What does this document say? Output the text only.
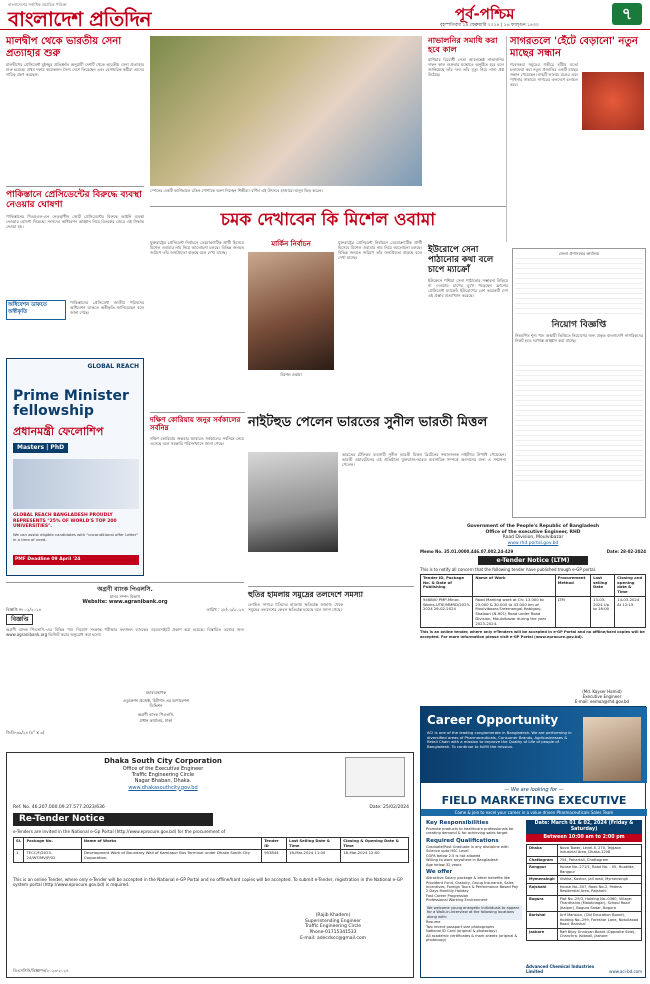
বাংলাদেশের সর্বাধিক প্রচারিত পত্রিকা
বাংলাদেশ প্রতিদিন	পূর্ব-পশ্চিম	৭
বৃহস্পতিবার ২৯ ফেব্রুয়ারি ২০২৪ | ১৬ ফাল্গুন ১৪৩০
মালদ্বীপ থেকে ভারতীয় সেনা প্রত্যাহার শুরু
মালদ্বীপের প্রেসিডেন্ট মুইজ্জুর প্রতিশ্রুতি অনুযায়ী দেশটি থেকে ভারতীয় সেনা প্রত্যাহার শুরু হয়েছে। প্রথম দফায় কয়েকজন সৈন্য দেশে ফিরেছেন এবং বেসামরিক কর্মীরা তাদের দায়িত্ব গ্রহণ করছেন।
পাকিস্তানে প্রেসিডেন্টের বিরুদ্ধে ব্যবস্থা নেওয়ার ঘোষণা
পাকিস্তানের পিএমএল-এন নেতৃত্বাধীন জোট প্রেসিডেন্টের বিরুদ্ধে আইনি ব্যবস্থা নেওয়ার ঘোষণা দিয়েছে। সংসদের অধিবেশন আহ্বান নিয়ে বিতর্কের জেরে এই সিদ্ধান্ত নেওয়া হয়।
অধিবেশন ডাকতে অস্বীকৃতি
পাকিস্তানের প্রেসিডেন্ট জাতীয় পরিষদের অধিবেশন ডাকতে অস্বীকৃতি জানিয়েছেন বলে জানা গেছে।
GLOBAL REACH
Prime Minister fellowship
প্রধানমন্ত্রী ফেলোশিপ
Masters | PhD
GLOBAL REACH BANGLADESH PROUDLY REPRESENTS "25% OF WORLD'S TOP 200 UNIVERSITIES".
We can assist eligible candidates with "unconditional offer Letter" in a time of need.
PMF Deadline 09 April '24
স্পেনের একটি কার্নিভালে রঙিন পোশাকে অংশ নিচ্ছেন শিল্পীরা। বর্ণিল এই উৎসবে হাজারো মানুষ ভিড় করেন।
নাভালনির সমাধি করা হবে কাল
রাশিয়ার বিরোধী নেতা আলেক্সেই নাভালনির দাফন কাল শুক্রবার মস্কোতে অনুষ্ঠিত হবে বলে জানিয়েছে তাঁর দল। তাঁর মৃত্যু নিয়ে নানা প্রশ্ন উঠেছে।
সাগরতলে 'হেঁটে বেড়ানো' নতুন মাছের সন্ধান
গবেষকরা সমুদ্রের গভীরে হাঁটার মতো চলাফেরা করা নতুন প্রজাতির একটি মাছের সন্ধান পেয়েছেন। মাছটি লালচে রঙের এবং পাখনার সাহায্যে সাগরের তলদেশে চলাচল করে।
চমক দেখাবেন কি মিশেল ওবামা
মার্কিন নির্বাচন
যুক্তরাষ্ট্রের প্রেসিডেন্ট নির্বাচনে ডেমোক্র্যাটিক প্রার্থী হিসেবে মিশেল ওবামার নাম নিয়ে আলোচনা চলছে। বিভিন্ন জনমত জরিপে তাঁর জনপ্রিয়তা বাড়ছে বলে দেখা যাচ্ছে।
মিশেল ওবামা
যুক্তরাষ্ট্রের প্রেসিডেন্ট নির্বাচনে ডেমোক্র্যাটিক প্রার্থী হিসেবে মিশেল ওবামার নাম নিয়ে আলোচনা চলছে। বিভিন্ন জনমত জরিপে তাঁর জনপ্রিয়তা বাড়ছে বলে দেখা যাচ্ছে।
ইউরোপে সেনা পাঠানোর কথা বলে চাপে ম্যাক্রোঁ
ইউক্রেনে পশ্চিমা সেনা পাঠানোর সম্ভাবনা উড়িয়ে না দেওয়ায় চাপের মুখে পড়েছেন ফ্রান্সের প্রেসিডেন্ট ম্যাক্রোঁ। ইউরোপের বেশ কয়েকটি দেশ এই প্রস্তাব প্রত্যাখ্যান করেছে।
দক্ষিণ কোরিয়ায় জনুর সর্বকালের সর্বনিম্ন
দক্ষিণ কোরিয়ায় জন্মহার আবারও সর্বকালের সর্বনিম্নে নেমে এসেছে বলে সরকারি পরিসংখ্যানে জানা গেছে।
নাইটহুড পেলেন ভারতের সুনীল ভারতী মিত্তল
ভারতের টেলিকম ব্যবসায়ী সুনীল ভারতী মিত্তল ব্রিটেনের সম্মানজনক নাইটহুড উপাধি পেয়েছেন। ভারতী এয়ারটেলের এই প্রতিষ্ঠাতা যুক্তরাজ্য-ভারত ব্যবসায়িক সম্পর্কে অবদানের জন্য এ সম্মাননা পেলেন।
হুতির হামলায় সমুদ্রের তলদেশে সমস্যা
লোহিত সাগরে হুতিদের হামলায় ক্ষতিগ্রস্ত জাহাজ থেকে সমুদ্রের তলদেশের কেবল ক্ষতিগ্রস্ত হয়েছে বলে জানা গেছে।
অগ্রণী ব্যাংক পিএলসি.
মানব সম্পদ বিভাগ
Website: www.agranibank.org
বিজ্ঞপ্তি নং ০২/২০২৪	তারিখ : ২৮/০২/২০২৪
বিজ্ঞপ্তি
অগ্রণী ব্যাংক পিএলসি.-এর বিভিন্ন পদে নিয়োগ সংক্রান্ত পরীক্ষার ফলাফল ব্যাংকের ওয়েবসাইটে প্রকাশ করা হয়েছে। বিস্তারিত তথ্যের জন্য www.agranibank.org ভিজিট করার অনুরোধ করা হলো।
মহাব্যবস্থাপক
এডুকেশন প্রজেক্ট, চিটাগাং এর অপারেশন্স ডিভিশন
অগ্রণী ব্যাংক পিএলসি.
প্রধান কার্যালয়, ঢাকা
জিডি-৩৯/২৪ (৮" x ৩)
জেলা প্রশাসকের কার্যালয়
নিয়োগ বিজ্ঞপ্তি
নিম্নবর্ণিত শূন্য পদে অস্থায়ী ভিত্তিতে নিয়োগের জন্য প্রকৃত বাংলাদেশি নাগরিকদের নিকট হতে দরখাস্ত আহ্বান করা যাচ্ছে।
Government of the People's Republic of Bangladesh
Office of the executive Engineer, RHD
Road Division, Moulvibazar
www.rhd.portal.gov.bd
Memo No. 35.01.0000.446.07.002.24-429	Date: 28-02-2024
e-Tender Notice (LTM)
This is to notify all concern that the following tender have published trough e-GP portal.
Tender ID, Package No. & Date of Publishing	Name of Work	Procurement Method	Last selling Date	Closing and opening date & Time
946800 PMP-Minor-Works-UTIE/MMRD/2023-2024 26-02-2024	Road Marking work at Ch: 13.000 to 23.000 & 30.000 to 43.000 km of Moulvibazar-Sreemangal-Habiganj-Shaibari (N-901) Road under Road Division, Moulvibazar during the year 2023-2024.	LTM	13-03-2024 Up to 16:00	14-03-2024 At 12:15
This is an online tender, where only e-Tenders will be accepted in e-GP Portal and no offline/hard copies will be accepted. For more information please visit e-GP Portal (www.eprocure.gov.bd).
(Md. Kayser Hamid)
Executive Engineer
E-mail: eemoa@rhd.gov.bd
Career Opportunity
ACI is one of the leading conglomerate in Bangladesh. We are performing in diversified areas of Pharmaceuticals, Consumer Brands, Agribusinesses & Retail Chain with a mission to improve the Quality of Life of people of Bangladesh. To continue to fulfill the mission.
— We are looking for —
FIELD MARKETING EXECUTIVE
Come & join to excel your career in a value driven Pharmaceuticals Sales Team
Key Responsibilities
Promote products to healthcare professionals for creating demand & for achieving sales target
Required Qualifications
Graduate/Post Graduate in any discipline with Science upto HSC Level
CGPA below 2.5 is not allowed
Willing to work anywhere in Bangladesh
Age below 32 years
We offer
Attractive Salary package & other benefits like Provident Fund, Gratuity, Group Insurance, Sales Incentives, Foreign Tours & Performance Based Pay
2 Days Monthly Holiday
Fast Career Progression
Professional Working Environment
We welcome young energetic individuals to appear for a Walk-In-Interview at the following locations along with:
Resume
Two recent passport size photographs
National ID Card (original & photocopy)
All academic certificates & mark sheets (original & photocopy)
Date: March 01 & 02, 2024 (Friday & Saturday)
Between 10:00 am to 2:00 pm
Dhaka	Novo Tower, Level-5, 270, Tejgaon Industrial Area, Dhaka-1208
Chattogram	754, Pahartali, Chattogram
Rangpur	House No.-271/1, Road No. - 05, Huaelda, Rangpur
Mymensingh	Vishka, Kashor, Jail road, Mymensingh
Rajshahi	House No.-307, Road No-2, Padma Residential Area, Rajshahi
Bogura	Plot No.-29/3, Holding No.-0360, Village: Thanthania (Malotinagar), School Road (Kalper), Bogura Sadar, Bogura
Barishal	Arif Mansion, (Old Education Board), Holding No.-299, Foreshor Lane, Notullabad Road, Barishal
Jashore	Rafi Bijoy Unnayan Board (Opposite Side), Chanchra, Kotwali, Jashore
Advanced Chemical Industries Limited	www.aci-bd.com
Dhaka South City Corporation
Office of the Executive Engineer
Traffic Engineering Circle
Nagar Bhaban, Dhaka.
www.dhakasouthcity.gov.bd
Ref. No. 46.207.000.09.27.577.2023/636	Date: 25/02/2024
Re-Tender Notice
e-Tenders are invited in the National e-Gp Portal (http://www.eprocure.gov.bd) for the procurement of
Sl.	Package No.	Name of Works	Tender ID	Last Selling Date & Time	Closing & Opening Date & Time
1.	TECC/F/2023-24/WT/MV/P/02	Development Work of Boundary Wall of Kamlapur Bus Terminal under Dhaka South City Corporation.	953844	18-Mar-2024 11:00	18-Mar-2024 12:00
This is an online Tender, where only e-Tender will be accepted in the National e-GP Portal and no offline/hard copies will be accepted. To submit e-Tender, registration in the National e-GP system portal (http://www.eprocure.gov.bd) is required.
(Rajib Khadem)
Superintending Engineer
Traffic Engineering Circle
Phone-01715341533
E-mail: adecdscc@gmail.com
ডিএসসিসি/বিজ্ঞাপন/২০২৩-২০২৪
